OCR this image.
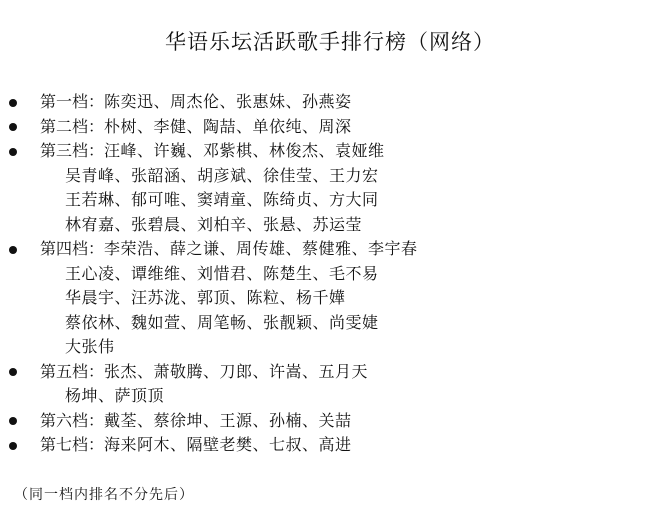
华语乐坛活跃歌手排行榜（网络）
第一档：陈奕迅、周杰伦、张惠妹、孙燕姿
第二档：朴树、李健、陶喆、单依纯、周深
第三档：汪峰、许巍、邓紫棋、林俊杰、袁娅维
吴青峰、张韶涵、胡彦斌、徐佳莹、王力宏
王若琳、郁可唯、窦靖童、陈绮贞、方大同
林宥嘉、张碧晨、刘柏辛、张悬、苏运莹
第四档：李荣浩、薛之谦、周传雄、蔡健雅、李宇春
王心凌、谭维维、刘惜君、陈楚生、毛不易
华晨宇、汪苏泷、郭顶、陈粒、杨千嬅
蔡依林、魏如萱、周笔畅、张靓颖、尚雯婕
大张伟
第五档：张杰、萧敬腾、刀郎、许嵩、五月天
杨坤、萨顶顶
第六档：戴荃、蔡徐坤、王源、孙楠、关喆
第七档：海来阿木、隔壁老樊、七叔、高进
（同一档内排名不分先后）
